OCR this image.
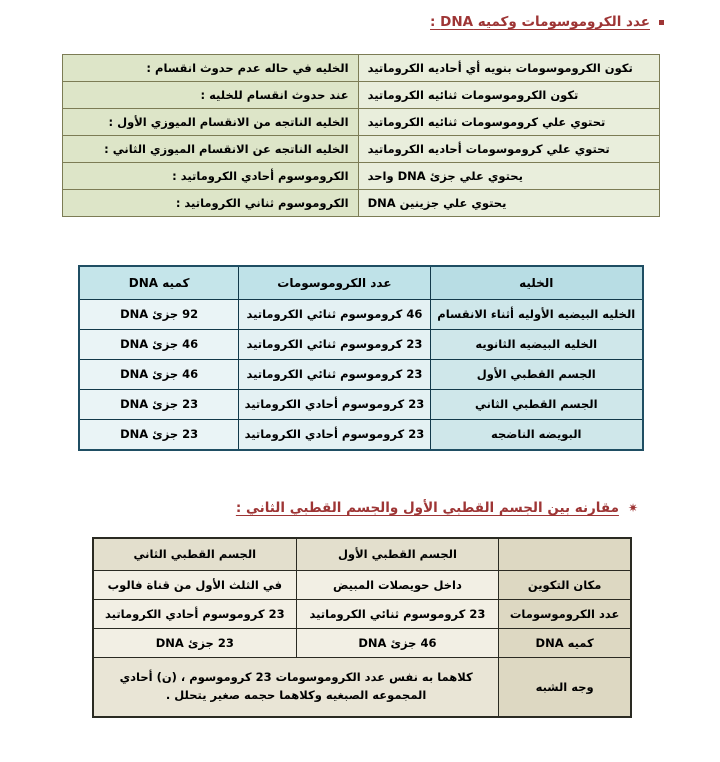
عدد الكروموسومات وكميه DNA :
تكون الكروموسومات بنويه أي أحاديه الكروماتيد	الخليه في حاله عدم حدوث انقسام :
تكون الكروموسومات ثنائيه الكروماتيد	عند حدوث انقسام للخليه :
تحتوي علي كروموسومات ثنائيه الكروماتيد	الخليه الناتجه من الانقسام الميوزي الأول :
تحتوي علي كروموسومات أحاديه الكروماتيد	الخليه الناتجه عن الانقسام الميوزي الثاني :
يحتوي علي جزئ DNA واحد	الكروموسوم أحادي الكروماتيد :
يحتوي علي جزينين DNA	الكروموسوم ثناني الكروماتيد :
الخليه	عدد الكروموسومات	كميه DNA
الخليه البيضيه الأوليه أثناء الانقسام	46 كروموسوم ثنائي الكروماتيد	92 جزئ DNA
الخليه البيضيه الثانويه	23 كروموسوم ثنائي الكروماتيد	46 جزئ DNA
الجسم القطبي الأول	23 كروموسوم ثنائي الكروماتيد	46 جزئ DNA
الجسم القطبي الثاني	23 كروموسوم أحادي الكروماتيد	23 جزئ DNA
البويضه الناضجه	23 كروموسوم أحادي الكروماتيد	23 جزئ DNA
✷
مقارنه بين الجسم القطبي الأول والجسم القطبي الثاني :
	الجسم القطبي الأول	الجسم القطبي الثاني
مكان التكوين	داخل حويصلات المبيض	في الثلث الأول من قناة فالوب
عدد الكروموسومات	23 كروموسوم ثنائي الكروماتيد	23 كروموسوم أحادي الكروماتيد
كميه DNA	46 جزئ DNA	23 جزئ DNA
وجه الشبه	كلاهما به نفس عدد الكروموسومات 23 كروموسوم ، (ن) أحادي المجموعه الصبغيه وكلاهما حجمه صغير يتحلل .	
